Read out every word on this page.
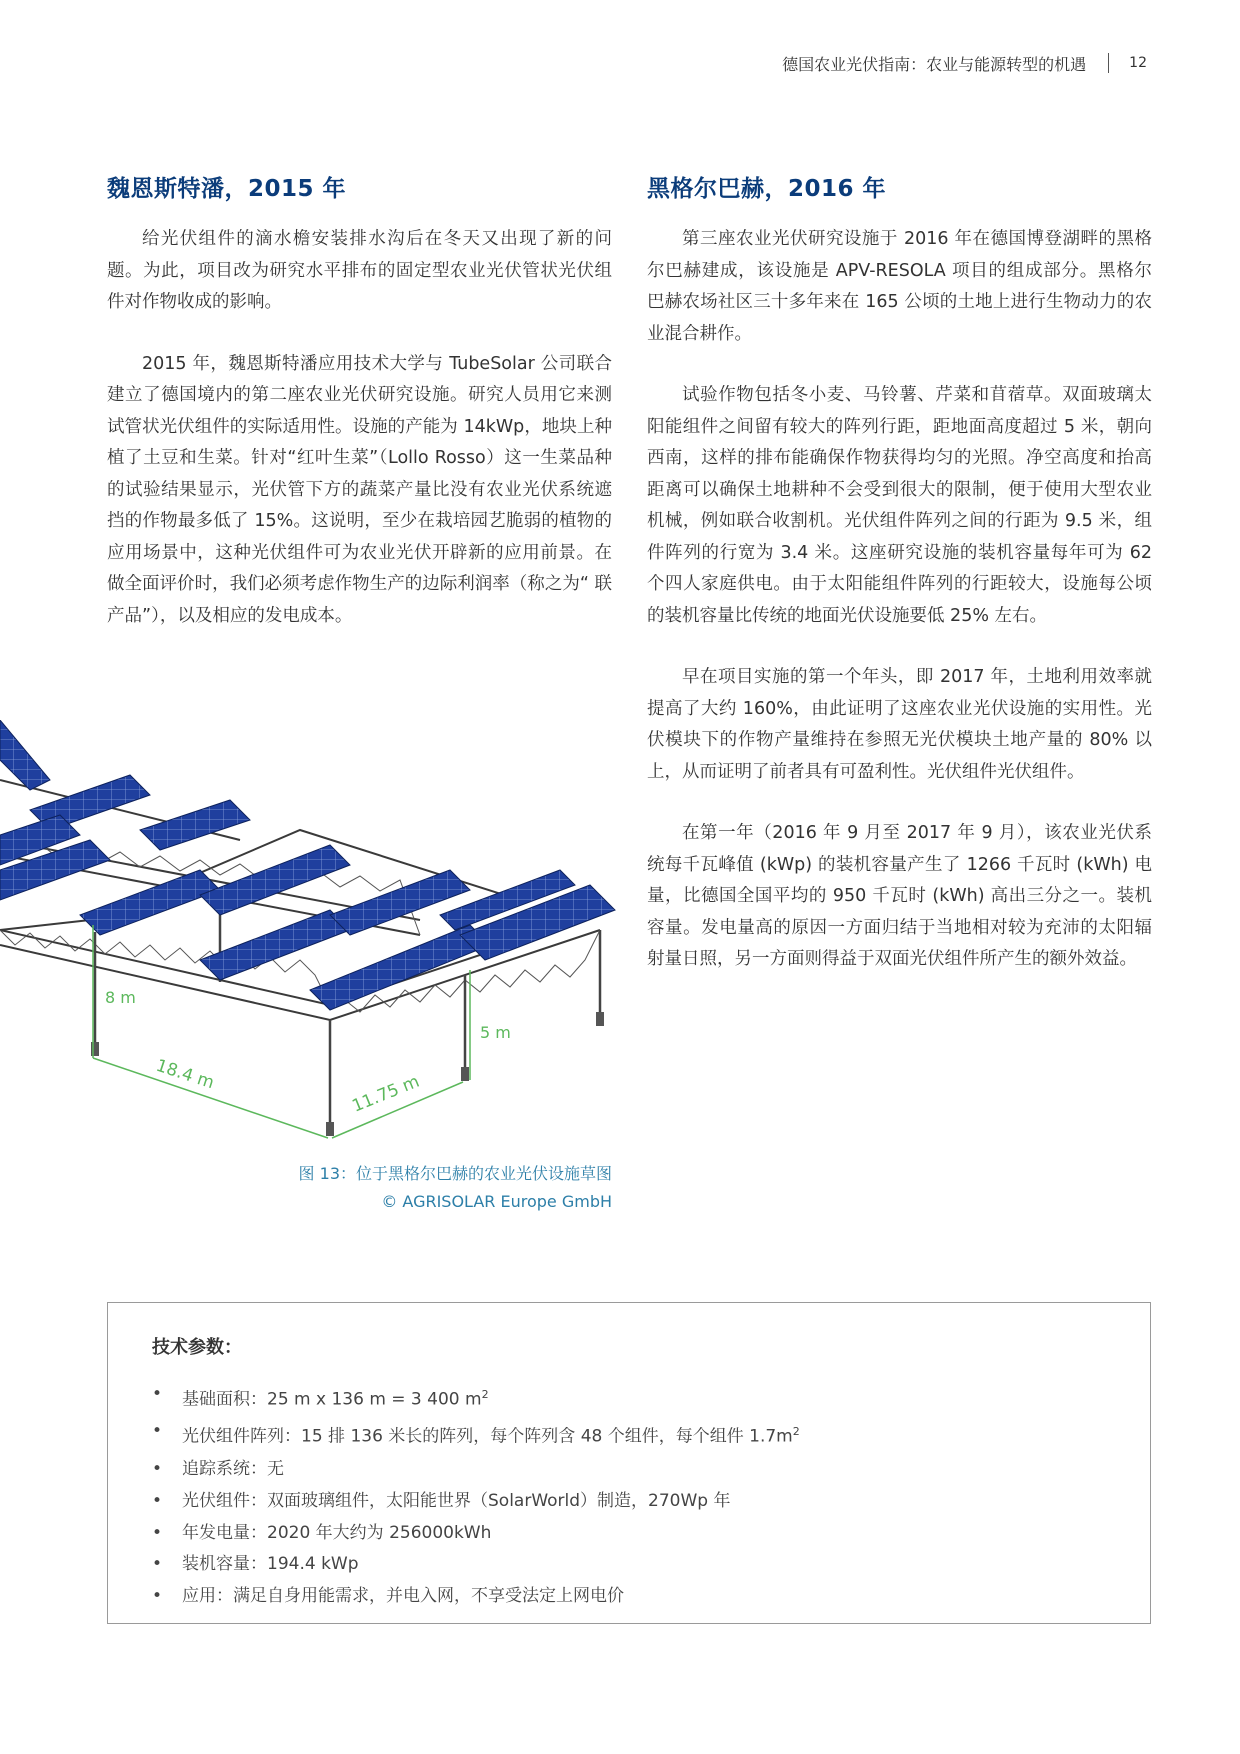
德国农业光伏指南：农业与能源转型的机遇	12
魏恩斯特潘，2015 年

给光伏组件的滴水檐安装排水沟后在冬天又出现了新的问题。为此，项目改为研究水平排布的固定型农业光伏管状光伏组件对作物收成的影响。

2015 年，魏恩斯特潘应用技术大学与 TubeSolar 公司联合建立了德国境内的第二座农业光伏研究设施。研究人员用它来测试管状光伏组件的实际适用性。设施的产能为 14kWp，地块上种植了土豆和生菜。针对“红叶生菜”（Lollo Rosso）这一生菜品种的试验结果显示，光伏管下方的蔬菜产量比没有农业光伏系统遮挡的作物最多低了 15%。这说明，至少在栽培园艺脆弱的植物的应用场景中，这种光伏组件可为农业光伏开辟新的应用前景。在做全面评价时，我们必须考虑作物生产的边际利润率（称之为“ 联产品”），以及相应的发电成本。

黑格尔巴赫，2016 年

第三座农业光伏研究设施于 2016 年在德国博登湖畔的黑格尔巴赫建成，该设施是 APV-RESOLA 项目的组成部分。黑格尔巴赫农场社区三十多年来在 165 公顷的土地上进行生物动力的农业混合耕作。

试验作物包括冬小麦、马铃薯、芹菜和苜蓿草。双面玻璃太阳能组件之间留有较大的阵列行距，距地面高度超过 5 米，朝向西南，这样的排布能确保作物获得均匀的光照。净空高度和抬高距离可以确保土地耕种不会受到很大的限制，便于使用大型农业机械，例如联合收割机。光伏组件阵列之间的行距为 9.5 米，组件阵列的行宽为 3.4 米。这座研究设施的装机容量每年可为 62 个四人家庭供电。由于太阳能组件阵列的行距较大，设施每公顷的装机容量比传统的地面光伏设施要低 25% 左右。

早在项目实施的第一个年头，即 2017 年，土地利用效率就提高了大约 160%，由此证明了这座农业光伏设施的实用性。光伏模块下的作物产量维持在参照无光伏模块土地产量的 80% 以上，从而证明了前者具有可盈利性。光伏组件光伏组件。

在第一年（2016 年 9 月至 2017 年 9 月），该农业光伏系统每千瓦峰值 (kWp) 的装机容量产生了 1266 千瓦时 (kWh) 电量，比德国全国平均的 950 千瓦时 (kWh) 高出三分之一。装机容量。发电量高的原因一方面归结于当地相对较为充沛的太阳辐射量日照，另一方面则得益于双面光伏组件所产生的额外效益。

8 m
5 m
18.4 m	11.75 m
图 13：位于黑格尔巴赫的农业光伏设施草图
© AGRISOLAR Europe GmbH
技术参数：
• 基础面积：25 m x 136 m = 3 400 $m^2$
• 光伏组件阵列：15 排 136 米长的阵列，每个阵列含 48 个组件，每个组件 $1.7m^2$
• 追踪系统：无
• 光伏组件：双面玻璃组件，太阳能世界（SolarWorld）制造，270Wp 年
• 年发电量：2020 年大约为 256000kWh
• 装机容量：194.4 kWp
• 应用：满足自身用能需求，并电入网，不享受法定上网电价
